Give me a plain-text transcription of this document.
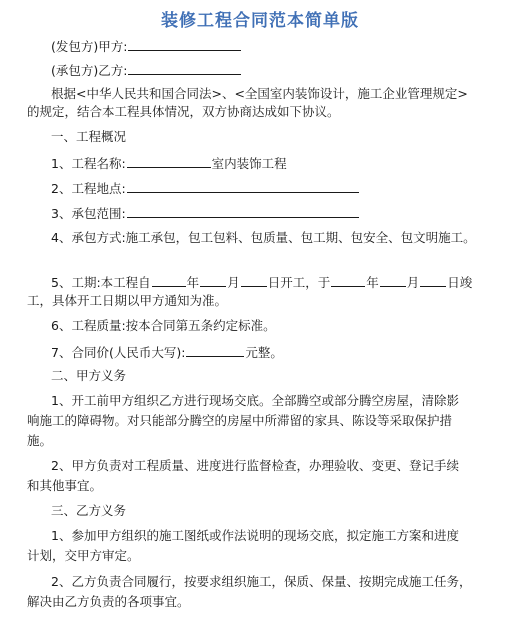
装修工程合同范本简单版
(发包方)甲方:
(承包方)乙方:
根据<中华人民共和国合同法>、<全国室内装饰设计，施工企业管理规定>
的规定，结合本工程具体情况，双方协商达成如下协议。
一、工程概况
1、工程名称:	室内装饰工程
2、工程地点:
3、承包范围:
4、承包方式:施工承包，包工包料、包质量、包工期、包安全、包文明施工。
5、工期:本工程自	年 月 日开工，于	年 月 日竣
工，具体开工日期以甲方通知为准。
6、工程质量:按本合同第五条约定标准。
7、合同价(人民币大写):	元整。
二、甲方义务
1、开工前甲方组织乙方进行现场交底。全部腾空或部分腾空房屋，清除影
响施工的障碍物。对只能部分腾空的房屋中所滞留的家具、陈设等采取保护措
施。
2、甲方负责对工程质量、进度进行监督检查，办理验收、变更、登记手续
和其他事宜。
三、乙方义务
1、参加甲方组织的施工图纸或作法说明的现场交底，拟定施工方案和进度
计划，交甲方审定。
2、乙方负责合同履行，按要求组织施工，保质、保量、按期完成施工任务，
解决由乙方负责的各项事宜。
